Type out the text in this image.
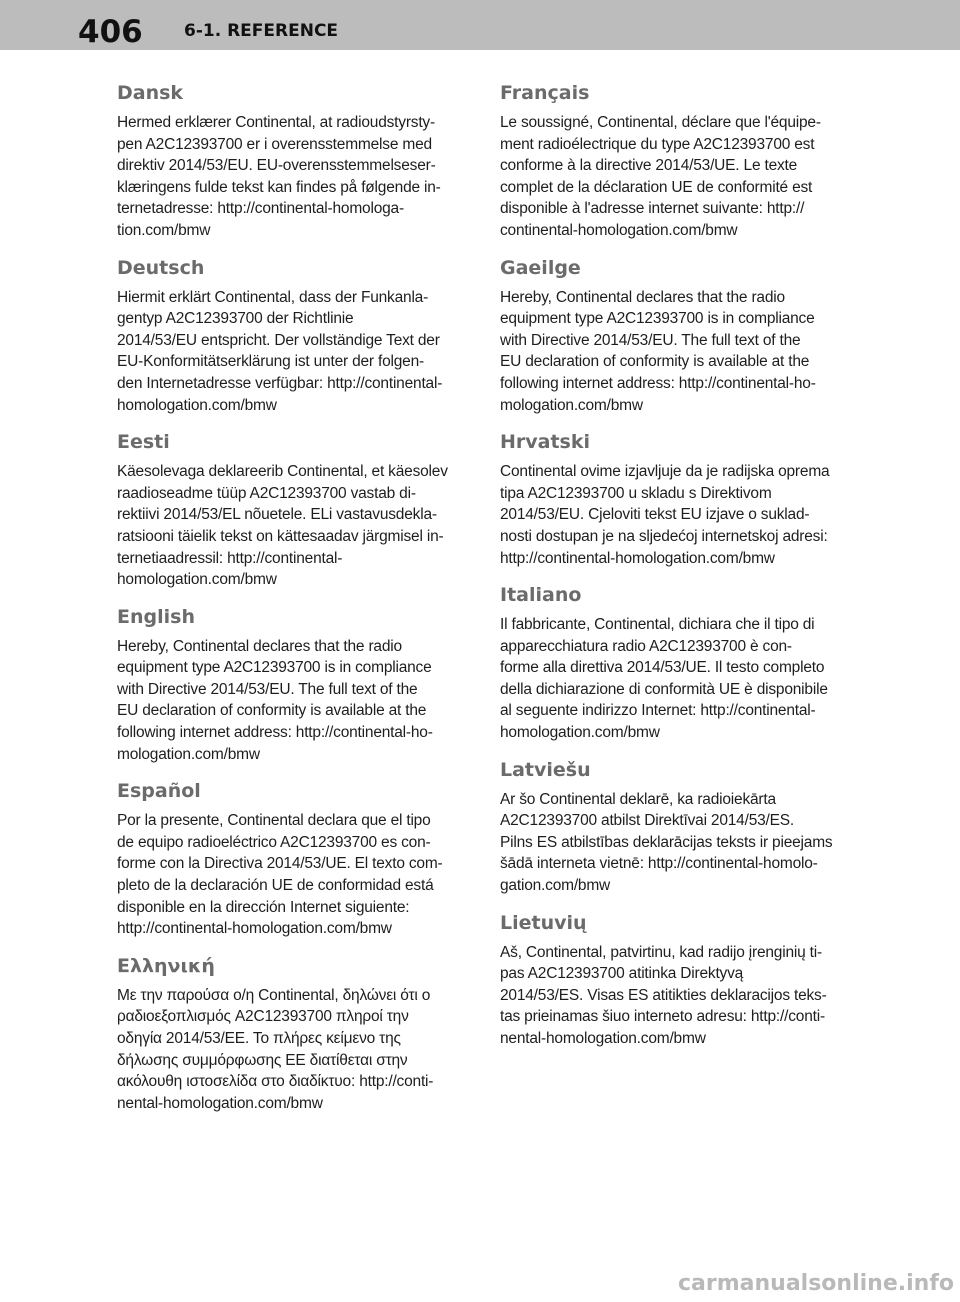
406 6-1. REFERENCE
Dansk

Hermed erklærer Continental, at radioudstyrsty-
pen A2C12393700 er i overensstemmelse med
direktiv 2014/53/EU. EU-overensstemmelseser-
klæringens fulde tekst kan findes på følgende in-
ternetadresse: http://continental-homologa-
tion.com/bmw

Deutsch

Hiermit erklärt Continental, dass der Funkanla-
gentyp A2C12393700 der Richtlinie
2014/53/EU entspricht. Der vollständige Text der
EU-Konformitätserklärung ist unter der folgen-
den Internetadresse verfügbar: http://continental-
homologation.com/bmw

Eesti

Käesolevaga deklareerib Continental, et käesolev
raadioseadme tüüp A2C12393700 vastab di-
rektiivi 2014/53/EL nõuetele. ELi vastavusdekla-
ratsiooni täielik tekst on kättesaadav järgmisel in-
ternetiaadressil: http://continental-
homologation.com/bmw

English

Hereby, Continental declares that the radio
equipment type A2C12393700 is in compliance
with Directive 2014/53/EU. The full text of the
EU declaration of conformity is available at the
following internet address: http://continental-ho-
mologation.com/bmw

Español

Por la presente, Continental declara que el tipo
de equipo radioeléctrico A2C12393700 es con-
forme con la Directiva 2014/53/UE. El texto com-
pleto de la declaración UE de conformidad está
disponible en la dirección Internet siguiente:
http://continental-homologation.com/bmw

Ελληνική

Με την παρούσα ο/η Continental, δηλώνει ότι ο
ραδιοεξοπλισμός A2C12393700 πληροί την
οδηγία 2014/53/ΕΕ. Το πλήρες κείμενο της
δήλωσης συμμόρφωσης ΕΕ διατίθεται στην
ακόλουθη ιστοσελίδα στο διαδίκτυο: http://conti-
nental-homologation.com/bmw

Français

Le soussigné, Continental, déclare que l'équipe-
ment radioélectrique du type A2C12393700 est
conforme à la directive 2014/53/UE. Le texte
complet de la déclaration UE de conformité est
disponible à l'adresse internet suivante: http://
continental-homologation.com/bmw

Gaeilge

Hereby, Continental declares that the radio
equipment type A2C12393700 is in compliance
with Directive 2014/53/EU. The full text of the
EU declaration of conformity is available at the
following internet address: http://continental-ho-
mologation.com/bmw

Hrvatski

Continental ovime izjavljuje da je radijska oprema
tipa A2C12393700 u skladu s Direktivom
2014/53/EU. Cjeloviti tekst EU izjave o suklad-
nosti dostupan je na sljedećoj internetskoj adresi:
http://continental-homologation.com/bmw

Italiano

Il fabbricante, Continental, dichiara che il tipo di
apparecchiatura radio A2C12393700 è con-
forme alla direttiva 2014/53/UE. Il testo completo
della dichiarazione di conformità UE è disponibile
al seguente indirizzo Internet: http://continental-
homologation.com/bmw

Latviešu

Ar šo Continental deklarē, ka radioiekārta
A2C12393700 atbilst Direktīvai 2014/53/ES.
Pilns ES atbilstības deklarācijas teksts ir pieejams
šādā interneta vietnē: http://continental-homolo-
gation.com/bmw

Lietuvių

Aš, Continental, patvirtinu, kad radijo įrenginių ti-
pas A2C12393700 atitinka Direktyvą
2014/53/ES. Visas ES atitikties deklaracijos teks-
tas prieinamas šiuo interneto adresu: http://conti-
nental-homologation.com/bmw

carmanualsonline.info
